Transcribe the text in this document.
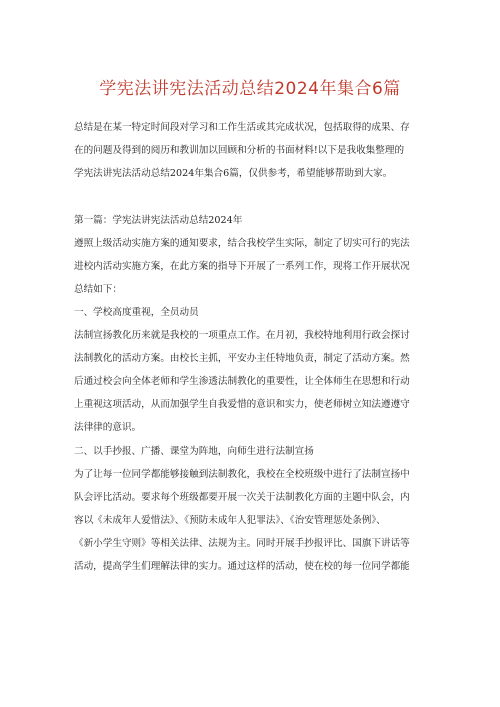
学宪法讲宪法活动总结2024年集合6篇
总结是在某一特定时间段对学习和工作生活或其完成状况，包括取得的成果、存
在的问题及得到的阅历和教训加以回顾和分析的书面材料!以下是我收集整理的
学宪法讲宪法活动总结2024年集合6篇，仅供参考，希望能够帮助到大家。
第一篇：学宪法讲宪法活动总结2024年
遵照上级活动实施方案的通知要求，结合我校学生实际，制定了切实可行的宪法
进校内活动实施方案，在此方案的指导下开展了一系列工作，现将工作开展状况
总结如下：
一、学校高度重视，全员动员
法制宣扬教化历来就是我校的一项重点工作。在月初，我校特地利用行政会探讨
法制教化的活动方案。由校长主抓，平安办主任特地负责，制定了活动方案。然
后通过校会向全体老师和学生渗透法制教化的重要性，让全体师生在思想和行动
上重视这项活动，从而加强学生自我爱惜的意识和实力，使老师树立知法遵遵守
法律律的意识。
二、以手抄报、广播、课堂为阵地，向师生进行法制宣扬
为了让每一位同学都能够接触到法制教化，我校在全校班级中进行了法制宣扬中
队会评比活动。要求每个班级都要开展一次关于法制教化方面的主题中队会，内
容以《未成年人爱惜法》、《预防未成年人犯罪法》、《治安管理惩处条例》、
《新小学生守则》等相关法律、法规为主。同时开展手抄报评比、国旗下讲话等
活动，提高学生们理解法律的实力。通过这样的活动，使在校的每一位同学都能
